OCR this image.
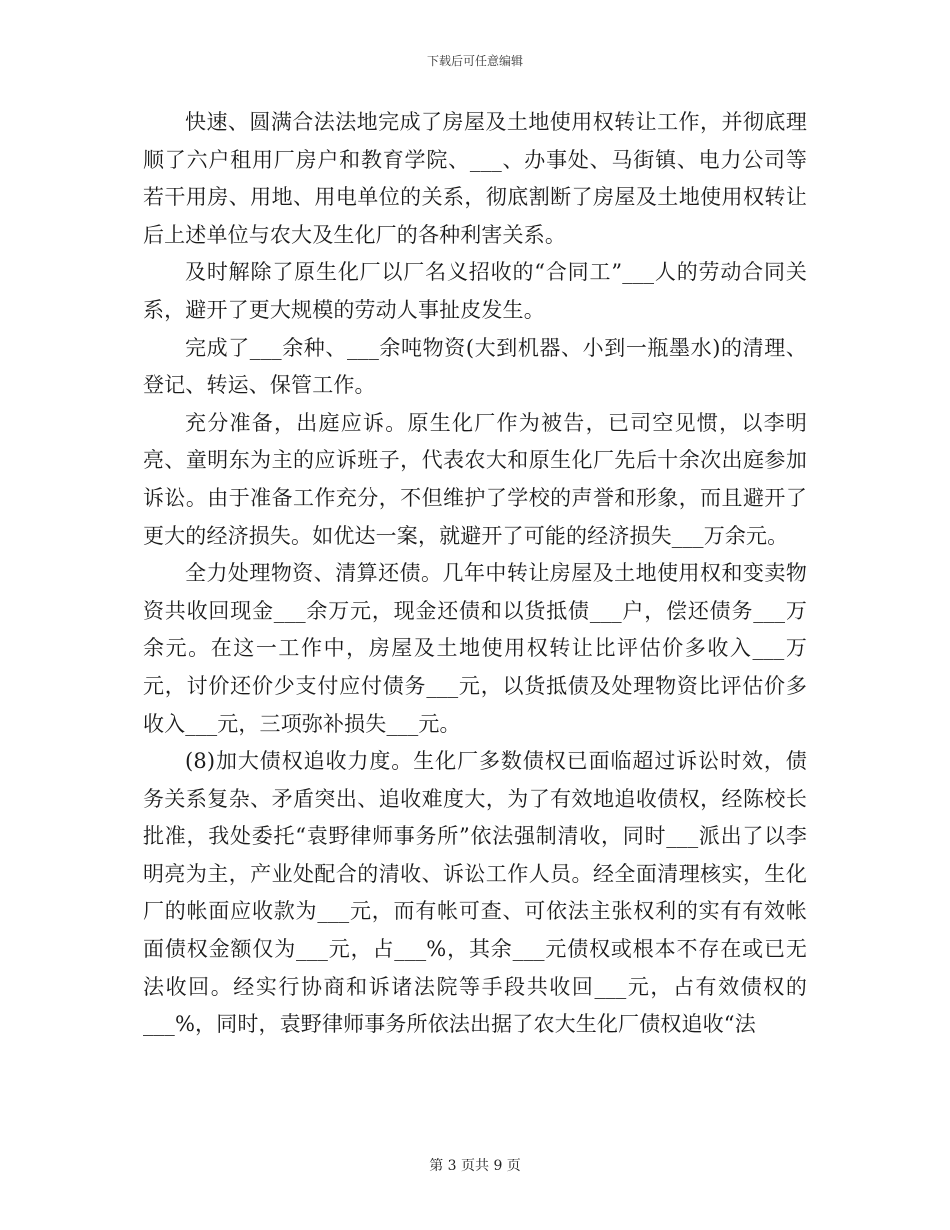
下载后可任意编辑

快速、圆满合法法地完成了房屋及土地使用权转让工作，并彻底理顺了六户租用厂房户和教育学院、___、办事处、马街镇、电力公司等若干用房、用地、用电单位的关系，彻底割断了房屋及土地使用权转让后上述单位与农大及生化厂的各种利害关系。

及时解除了原生化厂以厂名义招收的“合同工”___人的劳动合同关系，避开了更大规模的劳动人事扯皮发生。

完成了___余种、___余吨物资(大到机器、小到一瓶墨水)的清理、登记、转运、保管工作。

充分准备，出庭应诉。原生化厂作为被告，已司空见惯，以李明亮、童明东为主的应诉班子，代表农大和原生化厂先后十余次出庭参加诉讼。由于准备工作充分，不但维护了学校的声誉和形象，而且避开了更大的经济损失。如优达一案，就避开了可能的经济损失___万余元。

全力处理物资、清算还债。几年中转让房屋及土地使用权和变卖物资共收回现金___余万元，现金还债和以货抵债___户，偿还债务___万余元。在这一工作中，房屋及土地使用权转让比评估价多收入___万元，讨价还价少支付应付债务___元，以货抵债及处理物资比评估价多收入___元，三项弥补损失___元。

(8)加大债权追收力度。生化厂多数债权已面临超过诉讼时效，债务关系复杂、矛盾突出、追收难度大，为了有效地追收债权，经陈校长批准，我处委托“袁野律师事务所”依法强制清收，同时___派出了以李明亮为主，产业处配合的清收、诉讼工作人员。经全面清理核实，生化厂的帐面应收款为___元，而有帐可查、可依法主张权利的实有有效帐面债权金额仅为___元，占___%，其余___元债权或根本不存在或已无法收回。经实行协商和诉诸法院等手段共收回___元，占有效债权的___%，同时，袁野律师事务所依法出据了农大生化厂债权追收“法

第 3 页共 9 页
